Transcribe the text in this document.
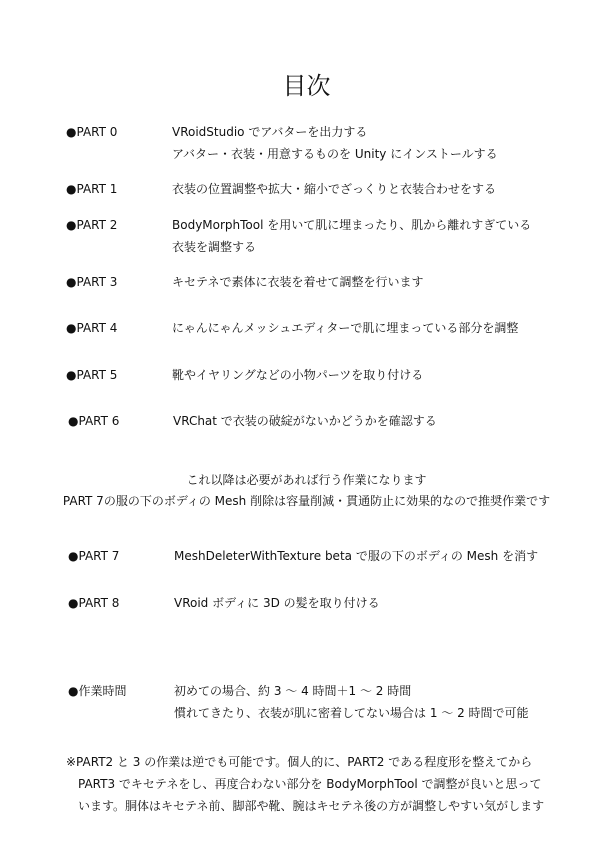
目次
●PART 0	VRoidStudio でアバターを出力する
アバター・衣装・用意するものを Unity にインストールする
●PART 1	衣装の位置調整や拡大・縮小でざっくりと衣装合わせをする
●PART 2	BodyMorphTool を用いて肌に埋まったり、肌から離れすぎている
衣装を調整する
●PART 3	キセテネで素体に衣装を着せて調整を行います
●PART 4	にゃんにゃんメッシュエディターで肌に埋まっている部分を調整
●PART 5	靴やイヤリングなどの小物パーツを取り付ける
●PART 6	VRChat で衣装の破綻がないかどうかを確認する
これ以降は必要があれば行う作業になります
PART 7の服の下のボディの Mesh 削除は容量削減・貫通防止に効果的なので推奨作業です
●PART 7	MeshDeleterWithTexture beta で服の下のボディの Mesh を消す
●PART 8	VRoid ボディに 3D の髪を取り付ける
●作業時間	初めての場合、約 3 ～ 4 時間＋1 ～ 2 時間
慣れてきたり、衣装が肌に密着してない場合は 1 ～ 2 時間で可能
※PART2 と 3 の作業は逆でも可能です。個人的に、PART2 である程度形を整えてから
PART3 でキセテネをし、再度合わない部分を BodyMorphTool で調整が良いと思って
います。胴体はキセテネ前、脚部や靴、腕はキセテネ後の方が調整しやすい気がします
